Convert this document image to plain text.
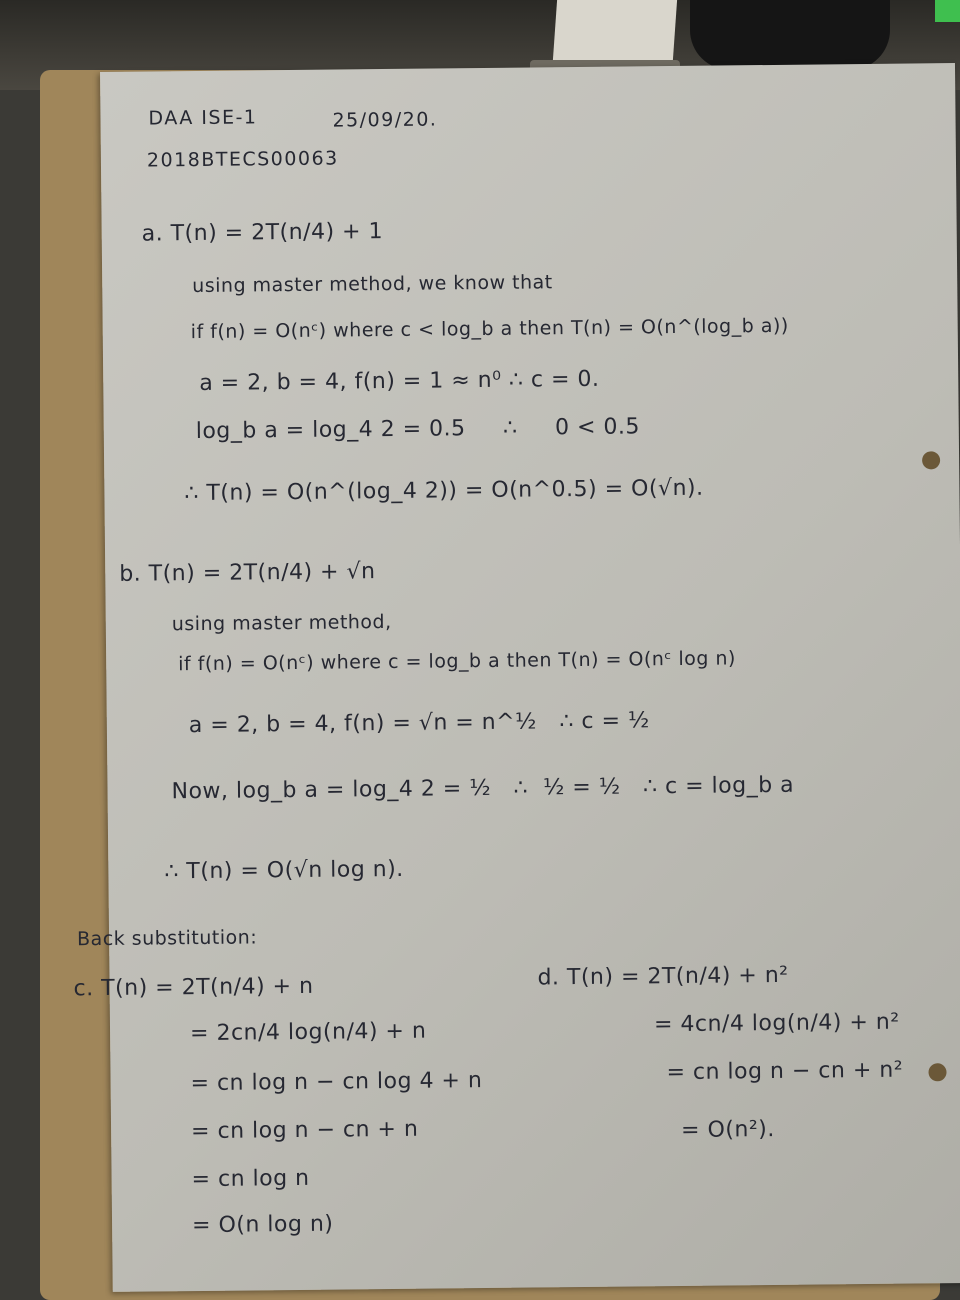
DAA ISE-1	25/09/20.
2018BTECS00063
a. T(n) = 2T(n/4) + 1
using master method, we know that
if f(n) = O(nᶜ) where c < log_b a then T(n) = O(n^(log_b a))
a = 2, b = 4, f(n) = 1 ≈ n⁰ ∴ c = 0.
log_b a = log_4 2 = 0.5     ∴     0 < 0.5
∴ T(n) = O(n^(log_4 2)) = O(n^0.5) = O(√n).
b. T(n) = 2T(n/4) + √n
using master method,
if f(n) = O(nᶜ) where c = log_b a then T(n) = O(nᶜ log n)
a = 2, b = 4, f(n) = √n = n^½   ∴ c = ½
Now, log_b a = log_4 2 = ½   ∴  ½ = ½   ∴ c = log_b a
∴ T(n) = O(√n log n).
Back substitution:
c. T(n) = 2T(n/4) + n
= 2cn/4 log(n/4) + n
= cn log n − cn log 4 + n
= cn log n − cn + n
= cn log n
= O(n log n)
d. T(n) = 2T(n/4) + n²
= 4cn/4 log(n/4) + n²
= cn log n − cn + n²
= O(n²).
